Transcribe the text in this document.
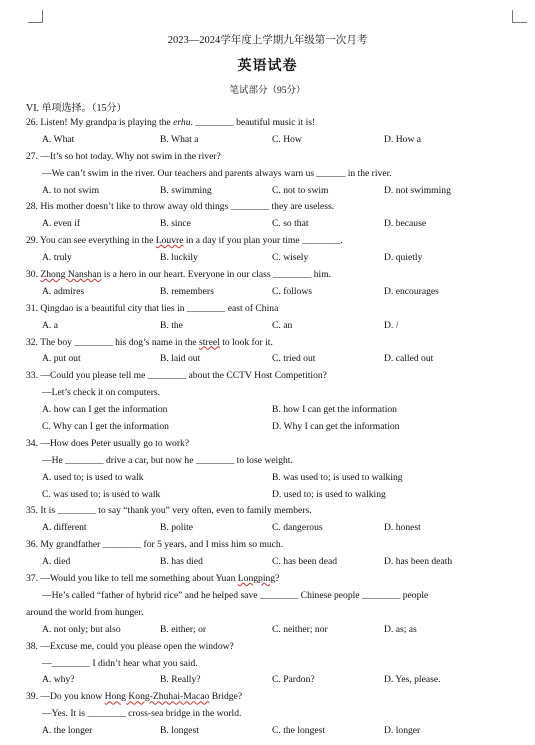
2023—2024学年度上学期九年级第一次月考
英语试卷
笔试部分（95分）
VI. 单项选择。（15分）
26. Listen! My grandpa is playing the erhu. ________ beautiful music it is!
A. What	B. What a	C. How	D. How a
27. —It’s so hot today. Why not swim in the river?
—We can’t swim in the river. Our teachers and parents always warn us ______ in the river.
A. to not swim	B. swimming	C. not to swim	D. not swimming
28. His mother doesn’t like to throw away old things ________ they are useless.
A. even if	B. since	C. so that	D. because
29. You can see everything in the Louvre in a day if you plan your time ________.
A. truly	B. luckily	C. wisely	D. quietly
30. Zhong Nanshan is a hero in our heart. Everyone in our class ________ him.
A. admires	B. remembers	C. follows	D. encourages
31. Qingdao is a beautiful city that lies in ________ east of China
A. a	B. the	C. an	D. /
32. The boy ________ his dog’s name in the streel to look for it.
A. put out	B. laid out	C. tried out	D. called out
33. —Could you please tell me ________ about the CCTV Host Competition?
—Let’s check it on computers.
A. how can I get the information	B. how I can get the information
C. Why can I get the information	D. Why I can get the information
34. —How does Peter usually go to work?
—He ________ drive a car, but now he ________ to lose weight.
A. used to; is used to walk	B. was used to; is used to walking
C. was used to; is used to walk	D. used to; is used to walking
35. It is ________ to say “thank you” very often, even to family members.
A. different	B. polite	C. dangerous	D. honest
36. My grandfather ________ for 5 years, and I miss him so much.
A. died	B. has died	C. has been dead	D. has been death
37. —Would you like to tell me something about Yuan Longping?
—He’s called “father of hybrid rice” and he helped save ________ Chinese people ________ people
around the world from hunger.
A. not only; but also	B. either; or	C. neither; nor	D. as; as
38. —Excuse me, could you please open the window?
—________ I didn’t hear what you said.
A. why?	B. Really?	C. Pardon?	D. Yes, please.
39. —Do you know Hong Kong-Zhuhai-Macao Bridge?
—Yes. It is ________ cross-sea bridge in the world.
A. the longer	B. longest	C. the longest	D. longer
